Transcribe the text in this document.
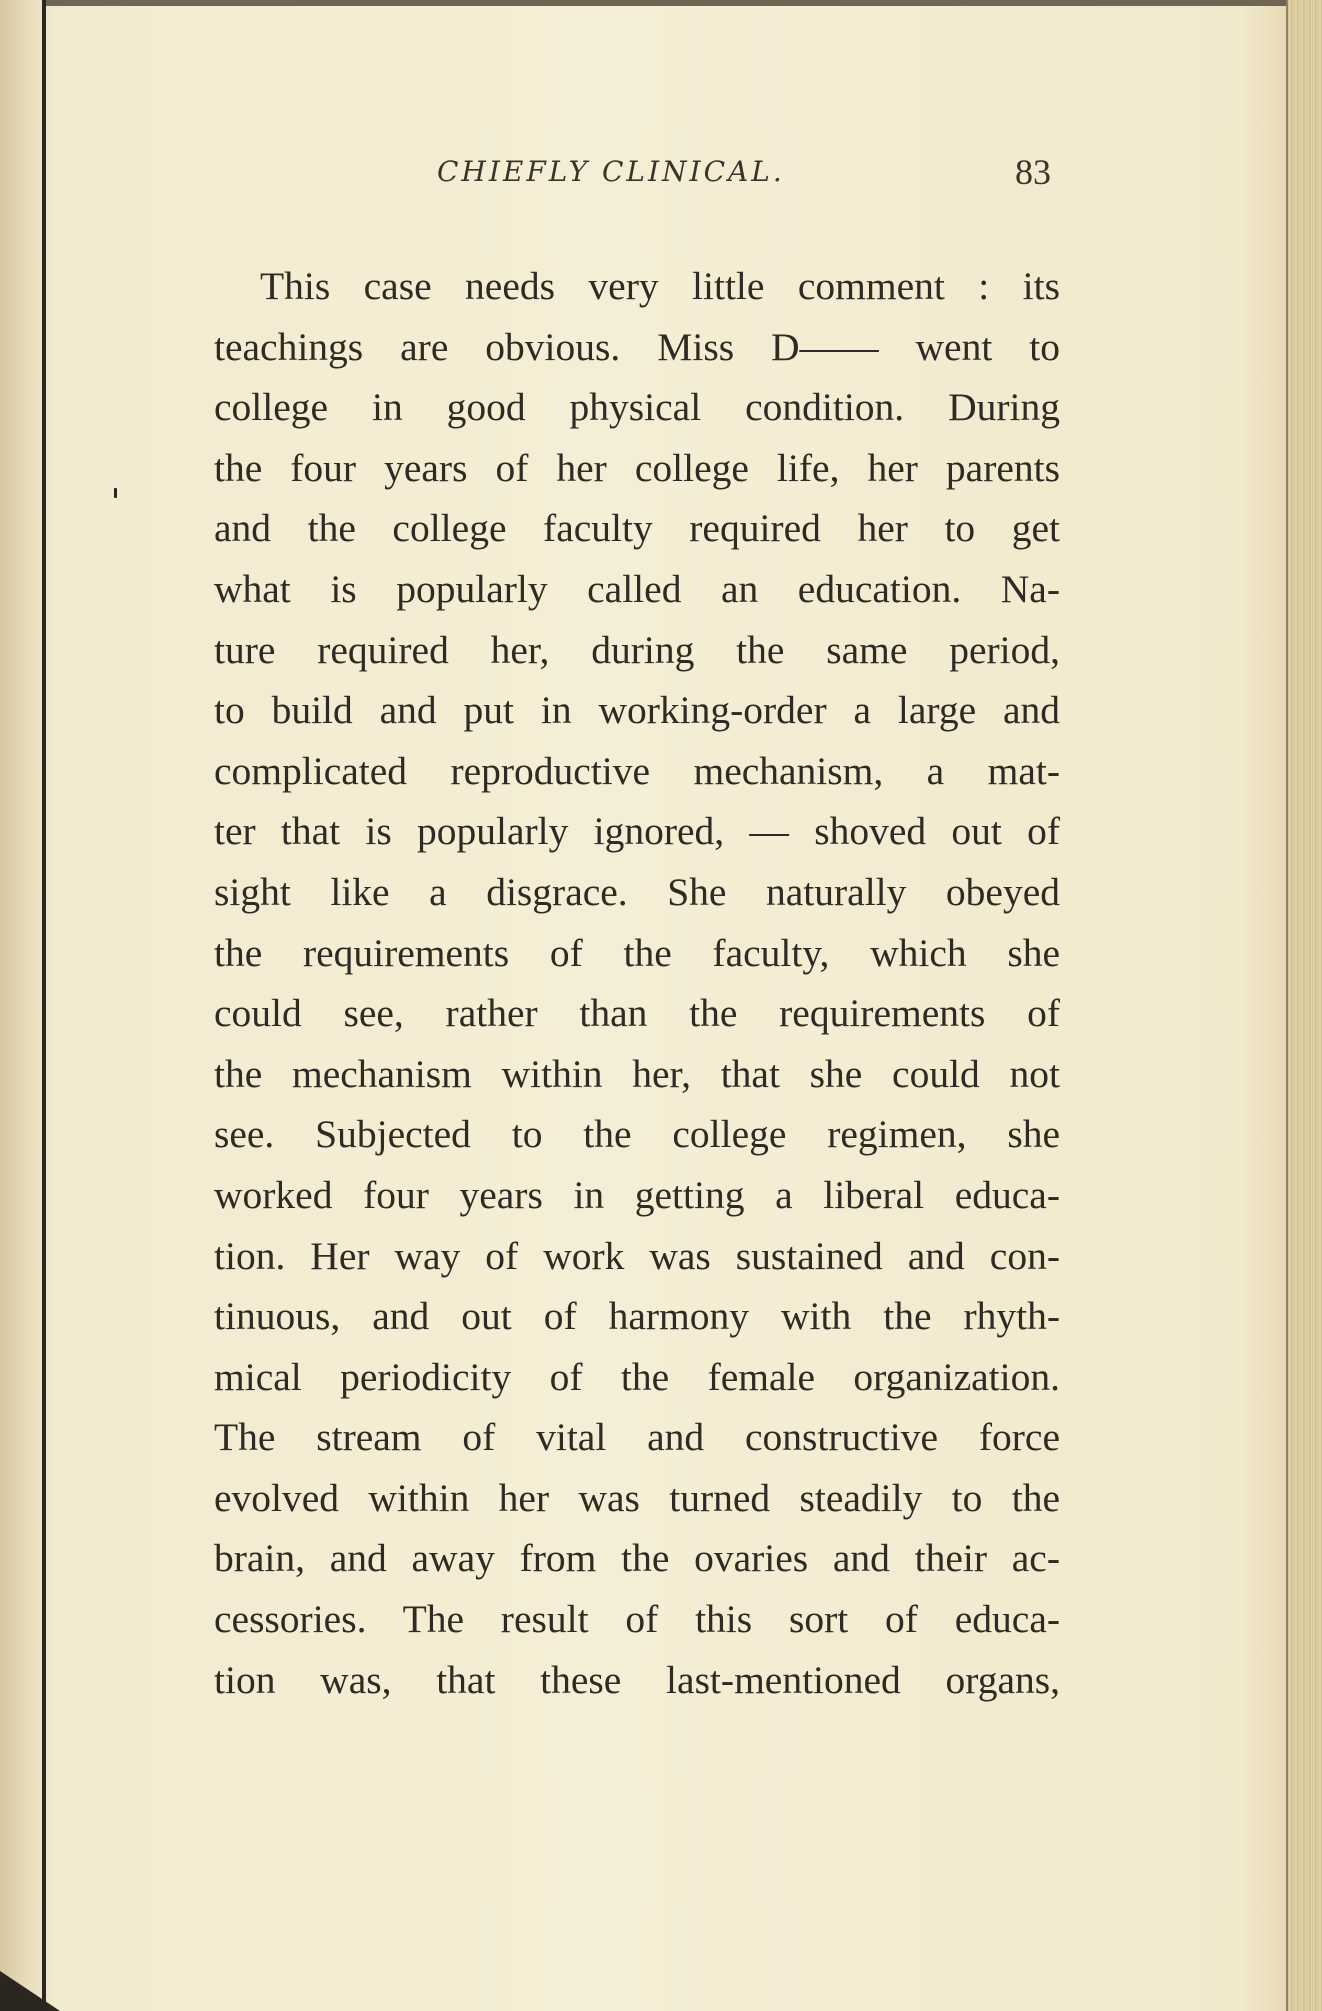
CHIEFLY CLINICAL.	83
This case needs very little comment : its
teachings are obvious. Miss D—— went to
college in good physical condition. During
the four years of her college life, her parents
and the college faculty required her to get
what is popularly called an education. Na-
ture required her, during the same period,
to build and put in working-order a large and
complicated reproductive mechanism, a mat-
ter that is popularly ignored, — shoved out of
sight like a disgrace. She naturally obeyed
the requirements of the faculty, which she
could see, rather than the requirements of
the mechanism within her, that she could not
see. Subjected to the college regimen, she
worked four years in getting a liberal educa-
tion. Her way of work was sustained and con-
tinuous, and out of harmony with the rhyth-
mical periodicity of the female organization.
The stream of vital and constructive force
evolved within her was turned steadily to the
brain, and away from the ovaries and their ac-
cessories. The result of this sort of educa-
tion was, that these last-mentioned organs,
